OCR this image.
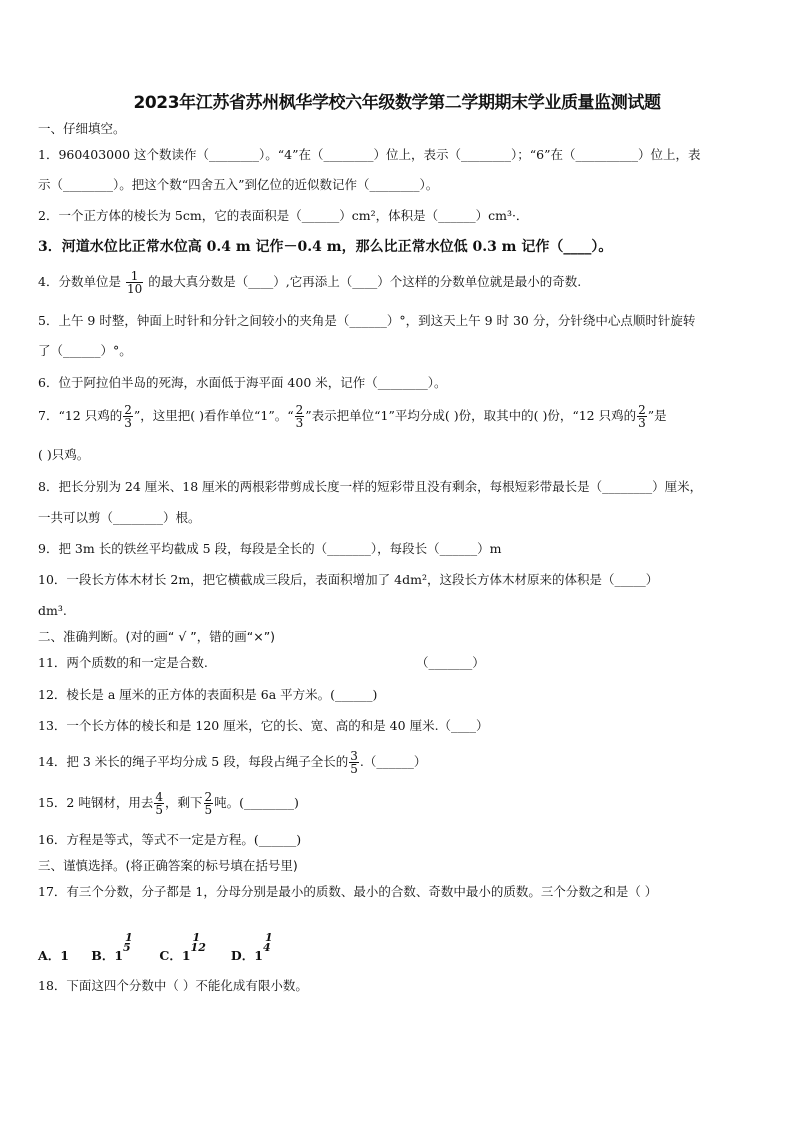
2023年江苏省苏州枫华学校六年级数学第二学期期末学业质量监测试题
一、仔细填空。
1．960403000 这个数读作（________）。“4”在（________）位上，表示（________）；“6”在（__________）位上，表
示（________）。把这个数“四舍五入”到亿位的近似数记作（________）。
2．一个正方体的棱长为 5cm，它的表面积是（______）cm²，体积是（______）cm³·．
3．河道水位比正常水位高 0.4 m 记作－0.4 m，那么比正常水位低 0.3 m 记作（____）。
4．分数单位是 $\frac{1}{10}$ 的最大真分数是（____）,它再添上（____）个这样的分数单位就是最小的奇数.
5．上午 9 时整，钟面上时针和分针之间较小的夹角是（______）°，到这天上午 9 时 30 分，分针绕中心点顺时针旋转
了（______）°。
6．位于阿拉伯半岛的死海，水面低于海平面 400 米，记作（________）。
7．“12 只鸡的 $\frac{2}{3}$ ”，这里把( )看作单位“1”。“ $\frac{2}{3}$ ”表示把单位“1”平均分成( )份，取其中的( )份，“12 只鸡的 $\frac{2}{3}$ ”是
( )只鸡。
8．把长分别为 24 厘米、18 厘米的两根彩带剪成长度一样的短彩带且没有剩余，每根短彩带最长是（________）厘米，
一共可以剪（________）根。
9．把 3m 长的铁丝平均截成 5 段，每段是全长的（_______），每段长（______）m
10．一段长方体木材长 2m，把它横截成三段后，表面积增加了 4dm²，这段长方体木材原来的体积是（_____）
dm³.
二、准确判断。(对的画“ √ ”，错的画“×”)
11．两个质数的和一定是合数.	（_______）
12．棱长是 a 厘米的正方体的表面积是 6a 平方米。(______)
13．一个长方体的棱长和是 120 厘米，它的长、宽、高的和是 40 厘米.（____）
14．把 3 米长的绳子平均分成 5 段，每段占绳子全长的 $\frac{3}{5}$ .（______）
15．2 吨钢材，用去 $\frac{4}{5}$ ，剩下 $\frac{2}{5}$ 吨。(________)
16．方程是等式，等式不一定是方程。(______)
三、谨慎选择。(将正确答案的标号填在括号里)
17．有三个分数，分子都是 1，分母分别是最小的质数、最小的合数、奇数中最小的质数。三个分数之和是（ ）
A．1 B．1
1
5
C．1
1
12
D．1
1
4
18．下面这四个分数中（ ）不能化成有限小数。
